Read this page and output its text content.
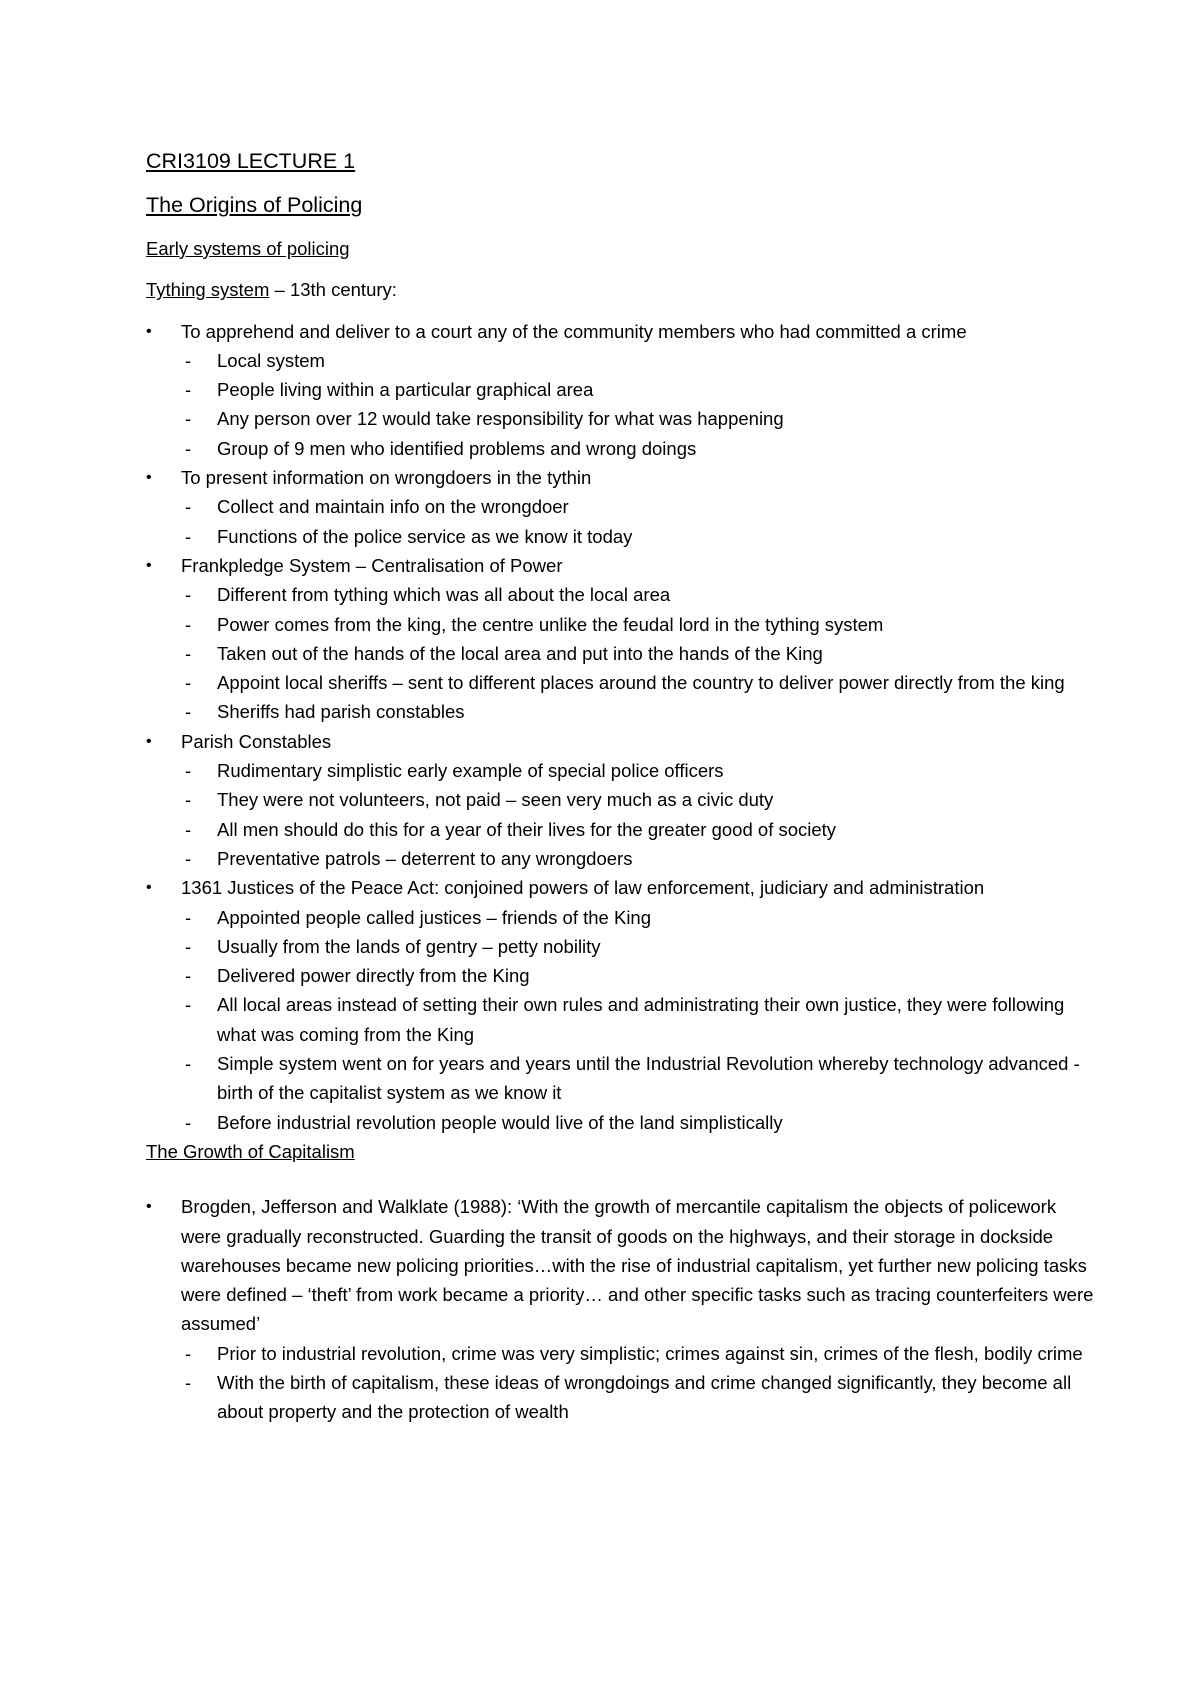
CRI3109 LECTURE 1
The Origins of Policing
Early systems of policing
Tything system – 13th century:
•	To apprehend and deliver to a court any of the community members who had committed a crime
- Local system
- People living within a particular graphical area
- Any person over 12 would take responsibility for what was happening
- Group of 9 men who identified problems and wrong doings
•	To present information on wrongdoers in the tythin
- Collect and maintain info on the wrongdoer
- Functions of the police service as we know it today
•	Frankpledge System – Centralisation of Power
- Different from tything which was all about the local area
- Power comes from the king, the centre unlike the feudal lord in the tything system
- Taken out of the hands of the local area and put into the hands of the King
- Appoint local sheriffs – sent to different places around the country to deliver power directly from the king
- Sheriffs had parish constables
•	Parish Constables
- Rudimentary simplistic early example of special police officers
- They were not volunteers, not paid – seen very much as a civic duty
- All men should do this for a year of their lives for the greater good of society
- Preventative patrols – deterrent to any wrongdoers
•	1361 Justices of the Peace Act: conjoined powers of law enforcement, judiciary and administration
- Appointed people called justices – friends of the King
- Usually from the lands of gentry – petty nobility
- Delivered power directly from the King
- All local areas instead of setting their own rules and administrating their own justice, they were following what was coming from the King
- Simple system went on for years and years until the Industrial Revolution whereby technology advanced - birth of the capitalist system as we know it
- Before industrial revolution people would live of the land simplistically
The Growth of Capitalism
•	Brogden, Jefferson and Walklate (1988): ‘With the growth of mercantile capitalism the objects of policework were gradually reconstructed. Guarding the transit of goods on the highways, and their storage in dockside warehouses became new policing priorities…with the rise of industrial capitalism, yet further new policing tasks were defined – ‘theft’ from work became a priority… and other specific tasks such as tracing counterfeiters were assumed’
- Prior to industrial revolution, crime was very simplistic; crimes against sin, crimes of the flesh, bodily crime
- With the birth of capitalism, these ideas of wrongdoings and crime changed significantly, they become all about property and the protection of wealth
